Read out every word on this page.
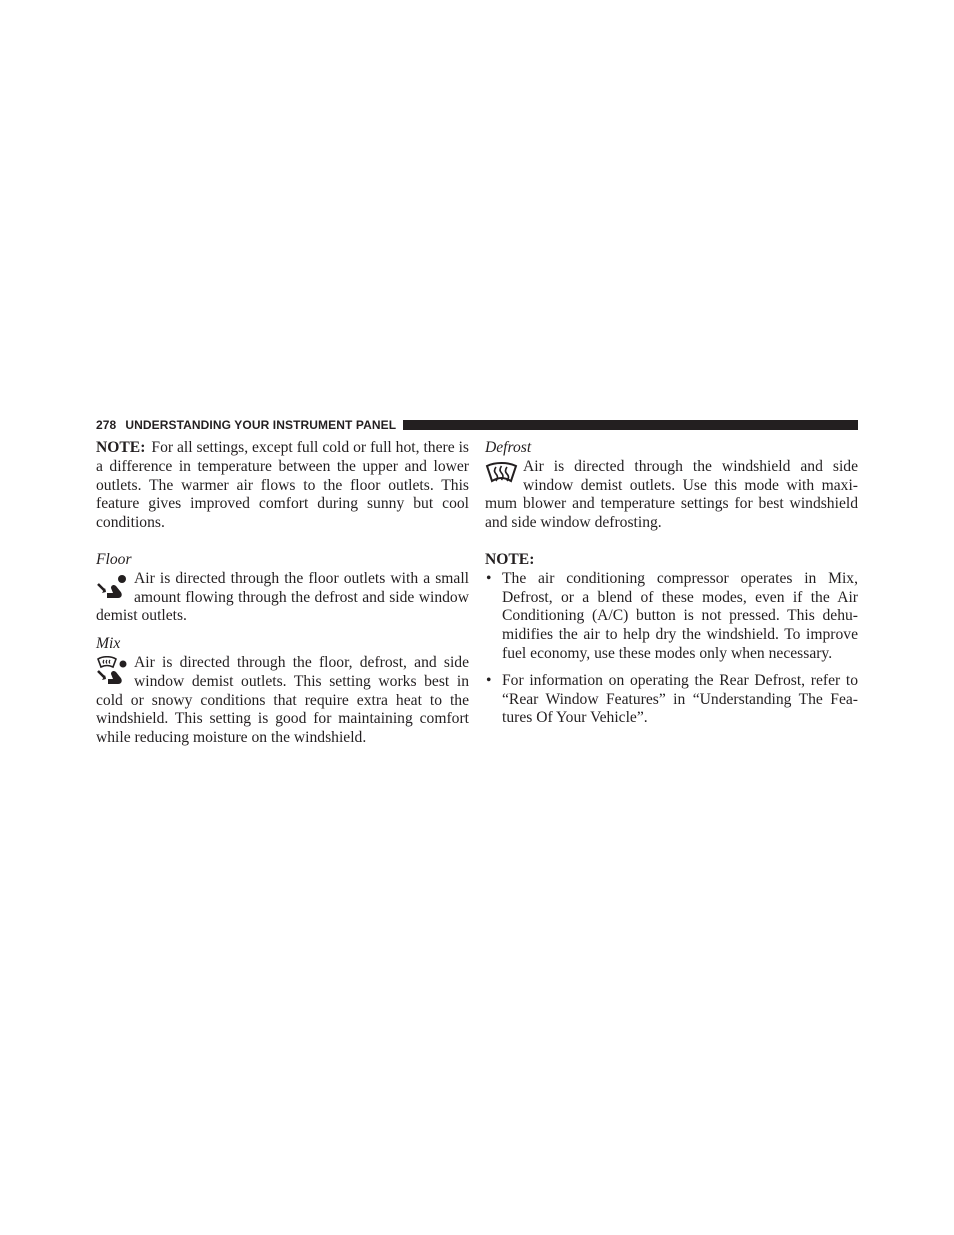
278 UNDERSTANDING YOUR INSTRUMENT PANEL

NOTE: For all settings, except full cold or full hot, there is a difference in temperature between the upper and lower outlets. The warmer air flows to the floor outlets. This feature gives improved comfort during sunny but cool conditions.

Floor

Air is directed through the floor outlets with a small amount flowing through the defrost and side window demist outlets.

Mix

Air is directed through the floor, defrost, and side window demist outlets. This setting works best in cold or snowy conditions that require extra heat to the windshield. This setting is good for maintaining comfort while reducing moisture on the windshield.

Defrost

Air is directed through the windshield and side window demist outlets. Use this mode with maximum blower and temperature settings for best windshield and side window defrosting.

NOTE:
• The air conditioning compressor operates in Mix, Defrost, or a blend of these modes, even if the Air Conditioning (A/C) button is not pressed. This dehumidifies the air to help dry the windshield. To improve fuel economy, use these modes only when necessary.
• For information on operating the Rear Defrost, refer to “Rear Window Features” in “Understanding The Features Of Your Vehicle”.
